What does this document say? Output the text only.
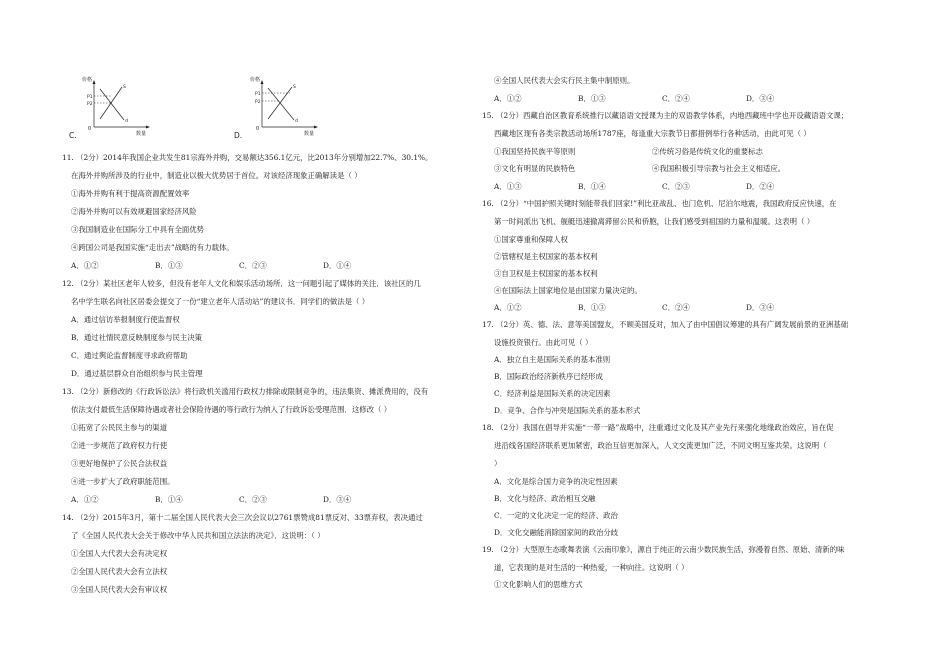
C.
价格
0
数量
P1
P2
S
d
D.
价格
0
数量
P1
P2
S
d
11. （2分）2014年我国企业共发生81宗海外并购，交易额达356.1亿元，比2013年分别增加22.7%、30.1%。
在海外并购所涉及的行业中，制造业以极大优势居于首位。对该经济现象正确解读是（ ）
①海外并购有利于提高资源配置效率
②海外并购可以有效规避国家经济风险
③我国制造业在国际分工中具有全面优势
④跨国公司是我国实施“走出去”战略的有力载体。
A．①②	B．①③	C．②③	D．①④
12. （2分）某社区老年人较多，但没有老年人文化和娱乐活动场所．这一问题引起了媒体的关注．该社区的几
名中学生联名向社区居委会提交了一份“建立老年人活动站”的建议书．同学们的做法是（ ）
A．通过信访举报制度行使监督权
B．通过社情民意反映制度参与民主决策
C．通过舆论监督制度寻求政府帮助
D．通过基层群众自治组织参与民主管理
13. （2分）新修改的《行政诉讼法》将行政机关滥用行政权力排除或限制竞争的，违法集资、摊派费用的，没有
依法支付最低生活保障待遇或者社会保险待遇的等行政行为纳入了行政诉讼受理范围．这修改（ ）
①拓宽了公民民主参与的渠道
②进一步规范了政府权力行使
③更好地保护了公民合法权益
④进一步扩大了政府职能范围。
A．①②	B．①④	C．②③	D．③④
14. （2分）2015年3月，第十二届全国人民代表大会三次会议以2761票赞成81票反对、33票弃权，表决通过
了《全国人民代表大会关于修改中华人民共和国立法法的决定》．这说明：（ ）
①全国人大代表大会有决定权
②全国人民代表大会有立法权
③全国人民代表大会有审议权
④全国人民代表大会实行民主集中制原则。
A．①②	B．①③	C．②④	D．③④
15. （2分）西藏自治区教育系统推行以藏语语文授课为主的双语教学体系，内地西藏班中学也开设藏语语文课；
西藏地区现有各类宗教活动场所1787座，每逢重大宗教节日都措例举行各种活动，由此可见（ ）
①我国坚持民族平等原则	②传统习俗是传统文化的重要标志
③文化有明显的民族特色	④我国积极引导宗教与社会主义相适应。
A．①③	B．①④	C．②③	D．②④
16. （2分）“中国护照关键时刻能带我们回家!”利比亚战乱、也门危机、尼泊尔地震，我国政府反应快速，在
第一时间派出飞机、舰艇迅速撤离滞留公民和侨胞，让我们感受到祖国的力量和温暖。这表明（ ）
①国家尊重和保障人权
②管辖权是主权国家的基本权利
③自卫权是主权国家的基本权利
④在国际法上国家地位是由国家力量决定的。
A．①②	B．①③	C．②④	D．③④
17. （2分）英、德、法、意等美国盟友，不顾美国反对，加入了由中国倡议筹建的具有广阔发展前景的亚洲基础
设施投资银行。由此可见（ ）
A．独立自主是国际关系的基本准则
B．国际政治经济新秩序已经形成
C．经济利益是国际关系的决定因素
D．竞争、合作与冲突是国际关系的基本形式
18. （2分）我国在倡导并实施“一带一路”战略中，注重通过文化及其产业先行来强化地缘政治效应，旨在促
进沿线各国经济联系更加紧密，政治互信更加深入，人文交流更加广泛，不同文明互鉴共荣。这说明（
）
A．文化是综合国力竞争的决定性因素
B．文化与经济、政治相互交融
C．一定的文化决定一定的经济、政治
D．文化交融能消除国家间的政治分歧
19. （2分）大型原生态歌舞表演《云南印象》，源自于纯正的云南少数民族生活，弥漫着自然、原始、清新的味
道，它表现的是对生活的一种热爱，一种向往。这说明（ ）
①文化影响人们的思维方式
